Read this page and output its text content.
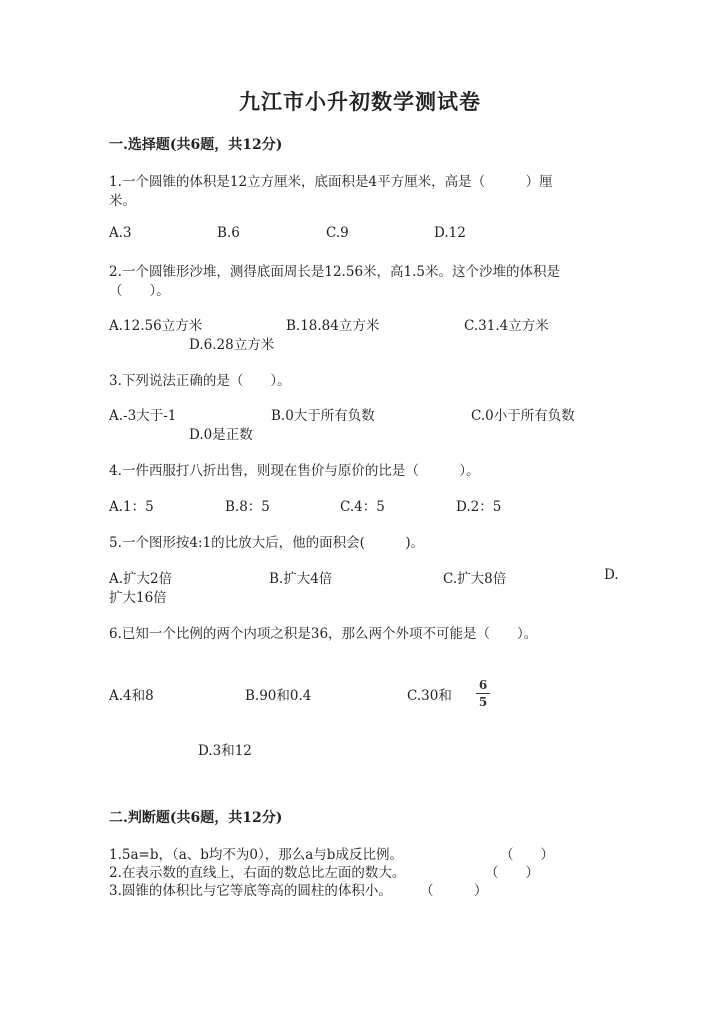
九江市小升初数学测试卷
一.选择题(共6题，共12分)
1.一个圆锥的体积是12立方厘米，底面积是4平方厘米，高是（　　　）厘
米。
A.3	B.6	C.9	D.12
2.一个圆锥形沙堆，测得底面周长是12.56米，高1.5米。这个沙堆的体积是
（　　）。
A.12.56立方米	B.18.84立方米	C.31.4立方米
D.6.28立方米
3.下列说法正确的是（　　）。
A.-3大于-1	B.0大于所有负数	C.0小于所有负数
D.0是正数
4.一件西服打八折出售，则现在售价与原价的比是（　　　）。
A.1：5	B.8：5	C.4：5	D.2：5
5.一个图形按4:1的比放大后，他的面积会(　　　)。
A.扩大2倍	B.扩大4倍	C.扩大8倍	D.
扩大16倍
6.已知一个比例的两个内项之积是36，那么两个外项不可能是（　　）。
A.4和8	B.90和0.4	C.30和
6
5
D.3和12
二.判断题(共6题，共12分)
1.5a=b，（a、b均不为0），那么a与b成反比例。	（　　）
2.在表示数的直线上，右面的数总比左面的数大。	（　　）
3.圆锥的体积比与它等底等高的圆柱的体积小。 （　　　）
